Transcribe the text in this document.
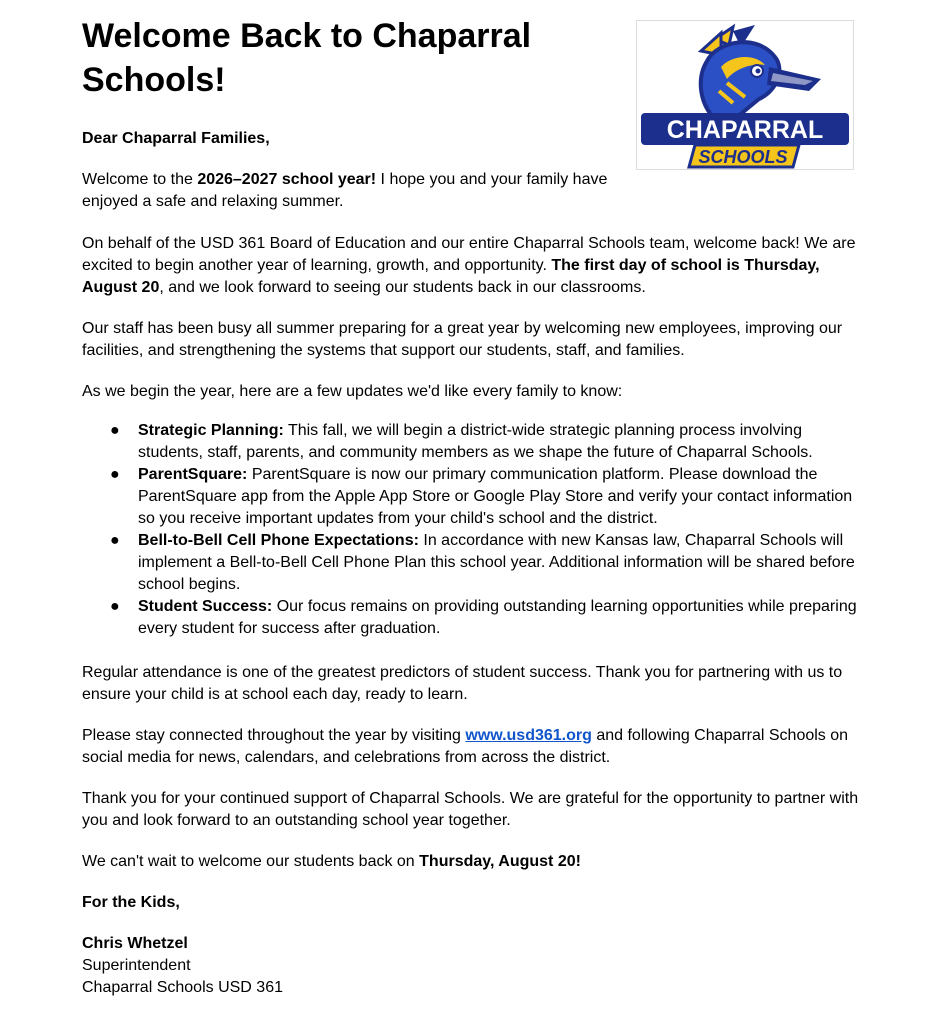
Welcome Back to Chaparral Schools!
CHAPARRAL
SCHOOLS

Dear Chaparral Families,

Welcome to the 2026–2027 school year! I hope you and your family have enjoyed a safe and relaxing summer.

On behalf of the USD 361 Board of Education and our entire Chaparral Schools team, welcome back! We are excited to begin another year of learning, growth, and opportunity. The first day of school is Thursday, August 20, and we look forward to seeing our students back in our classrooms.

Our staff has been busy all summer preparing for a great year by welcoming new employees, improving our facilities, and strengthening the systems that support our students, staff, and families.

As we begin the year, here are a few updates we'd like every family to know:

● Strategic Planning: This fall, we will begin a district-wide strategic planning process involving students, staff, parents, and community members as we shape the future of Chaparral Schools.
● ParentSquare: ParentSquare is now our primary communication platform. Please download the ParentSquare app from the Apple App Store or Google Play Store and verify your contact information so you receive important updates from your child's school and the district.
● Bell-to-Bell Cell Phone Expectations: In accordance with new Kansas law, Chaparral Schools will implement a Bell-to-Bell Cell Phone Plan this school year. Additional information will be shared before school begins.
● Student Success: Our focus remains on providing outstanding learning opportunities while preparing every student for success after graduation.

Regular attendance is one of the greatest predictors of student success. Thank you for partnering with us to ensure your child is at school each day, ready to learn.

Please stay connected throughout the year by visiting www.usd361.org and following Chaparral Schools on social media for news, calendars, and celebrations from across the district.

Thank you for your continued support of Chaparral Schools. We are grateful for the opportunity to partner with you and look forward to an outstanding school year together.

We can't wait to welcome our students back on Thursday, August 20!

For the Kids,

Chris Whetzel

Superintendent

Chaparral Schools USD 361
